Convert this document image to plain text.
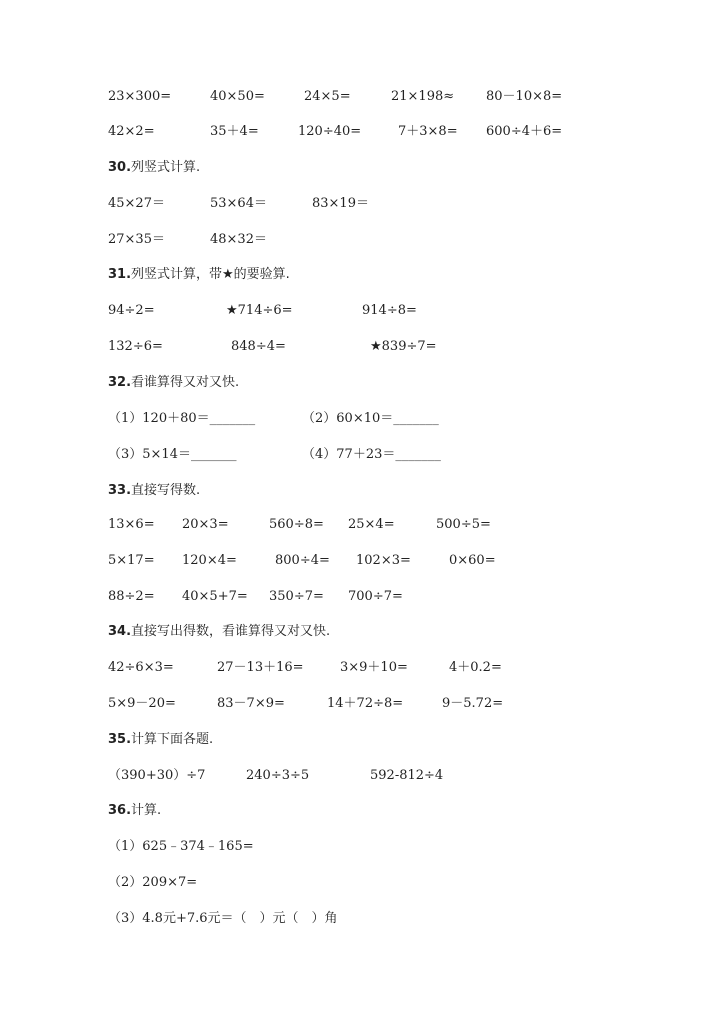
23×300=	40×50=	24×5=	21×198≈ 80－10×8=
42×2=	35＋4=	120÷40=	7＋3×8= 600÷4＋6=
30. 列竖式计算.
45×27＝	53×64＝	83×19＝
27×35＝	48×32＝
31. 列竖式计算，带★的要验算.
94÷2=	★714÷6=	914÷8=
132÷6=	848÷4=	★839÷7=
32. 看谁算得又对又快.
（1）120＋80＝_______	（2）60×10＝_______
（3）5×14＝_______	（4）77＋23＝_______
33. 直接写得数.
13×6= 20×3=	560÷8= 25×4=	500÷5=
5×17= 120×4=	800÷4= 102×3=	0×60=
88÷2= 40×5+7= 350÷7= 700÷7=
34. 直接写出得数，看谁算得又对又快.
42÷6×3=	27－13＋16=	3×9＋10=	4＋0.2=
5×9－20=	83－7×9=	14＋72÷8=	9－5.72=
35. 计算下面各题.
（390+30）÷7	240÷3÷5	592-812÷4
36. 计算.
（1）625﹣374﹣165=
（2）209×7=
（3）4.8元+7.6元＝（　）元（　）角
